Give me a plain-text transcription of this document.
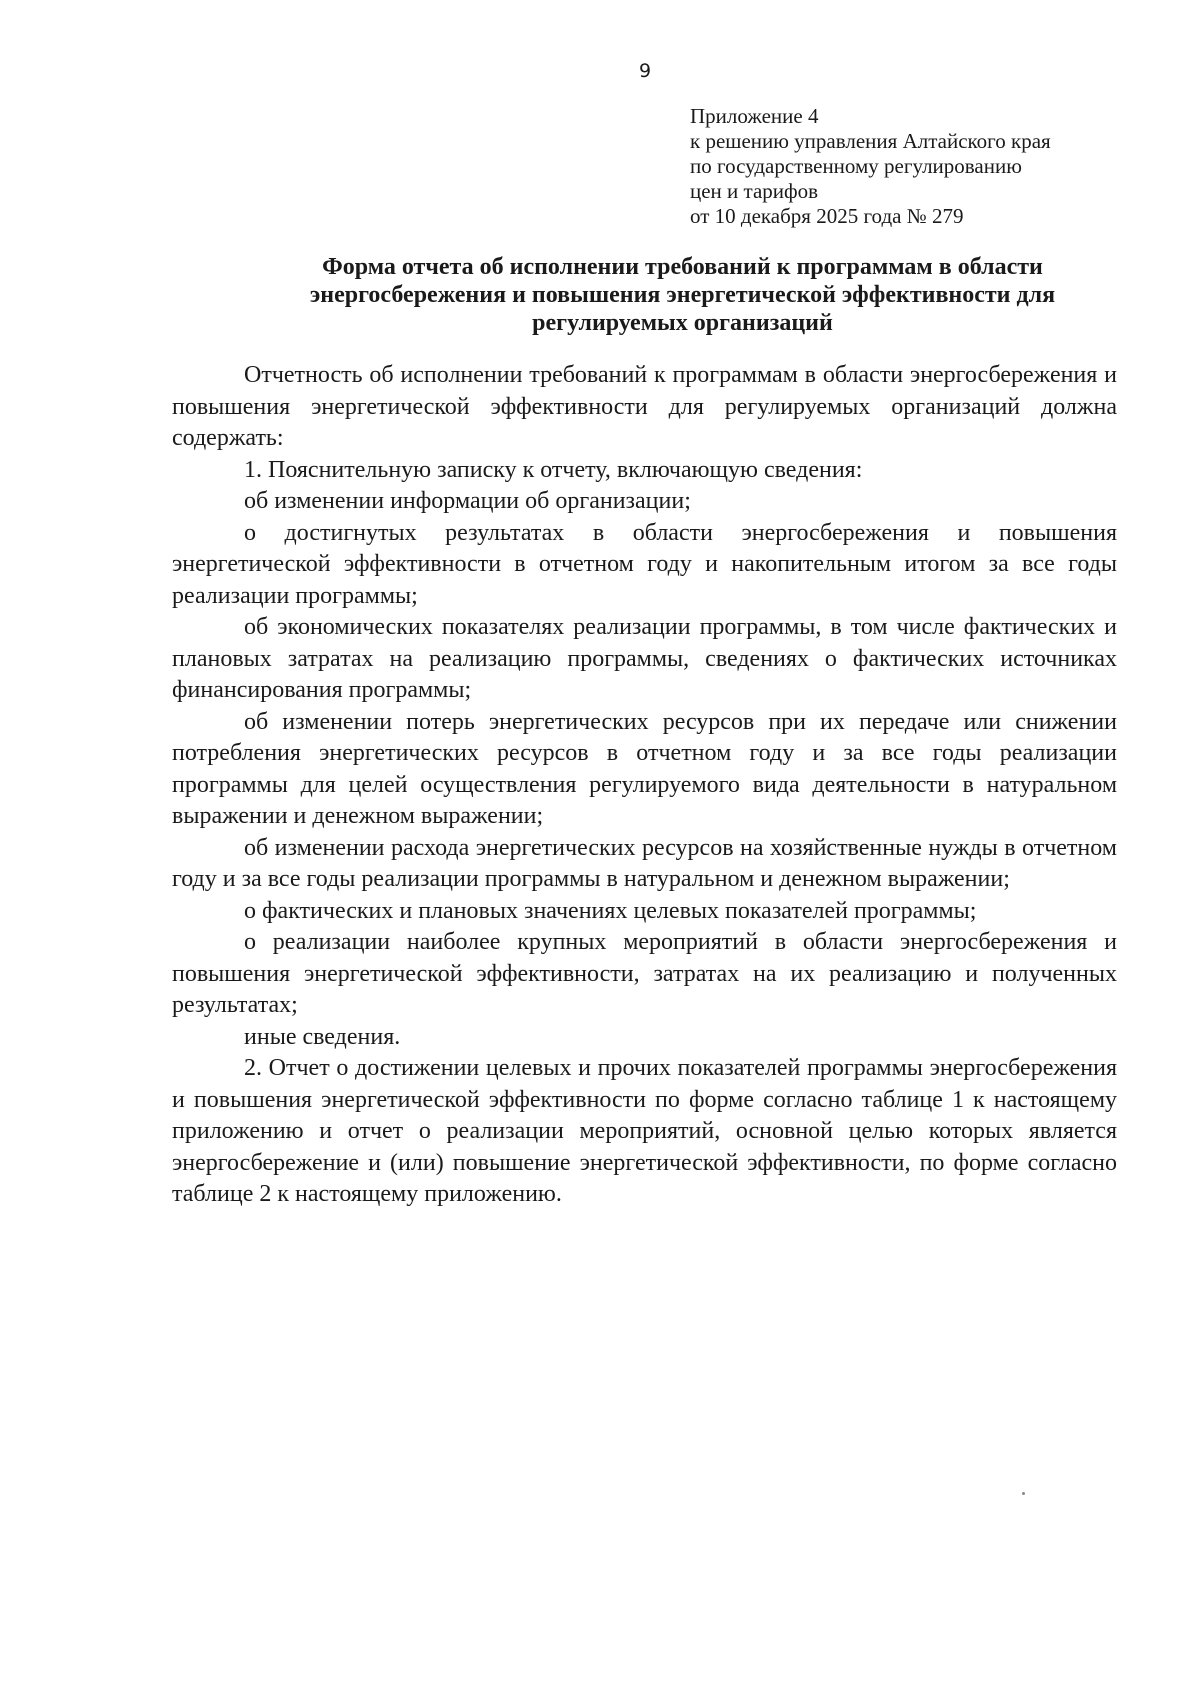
9
Приложение 4
к решению управления Алтайского края
по государственному регулированию
цен и тарифов
от 10 декабря 2025 года № 279
Форма отчета об исполнении требований к программам в области
энергосбережения и повышения энергетической эффективности для
регулируемых организаций

Отчетность об исполнении требований к программам в области энергосбережения и повышения энергетической эффективности для регулируемых организаций должна содержать:

1. Пояснительную записку к отчету, включающую сведения:

об изменении информации об организации;

о достигнутых результатах в области энергосбережения и повышения энергетической эффективности в отчетном году и накопительным итогом за все годы реализации программы;

об экономических показателях реализации программы, в том числе фактических и плановых затратах на реализацию программы, сведениях о фактических источниках финансирования программы;

об изменении потерь энергетических ресурсов при их передаче или снижении потребления энергетических ресурсов в отчетном году и за все годы реализации программы для целей осуществления регулируемого вида деятельности в натуральном выражении и денежном выражении;

об изменении расхода энергетических ресурсов на хозяйственные нужды в отчетном году и за все годы реализации программы в натуральном и денежном выражении;

о фактических и плановых значениях целевых показателей программы;

о реализации наиболее крупных мероприятий в области энергосбережения и повышения энергетической эффективности, затратах на их реализацию и полученных результатах;

иные сведения.

2. Отчет о достижении целевых и прочих показателей программы энергосбережения и повышения энергетической эффективности по форме согласно таблице 1 к настоящему приложению и отчет о реализации мероприятий, основной целью которых является энергосбережение и (или) повышение энергетической эффективности, по форме согласно таблице 2 к настоящему приложению.
